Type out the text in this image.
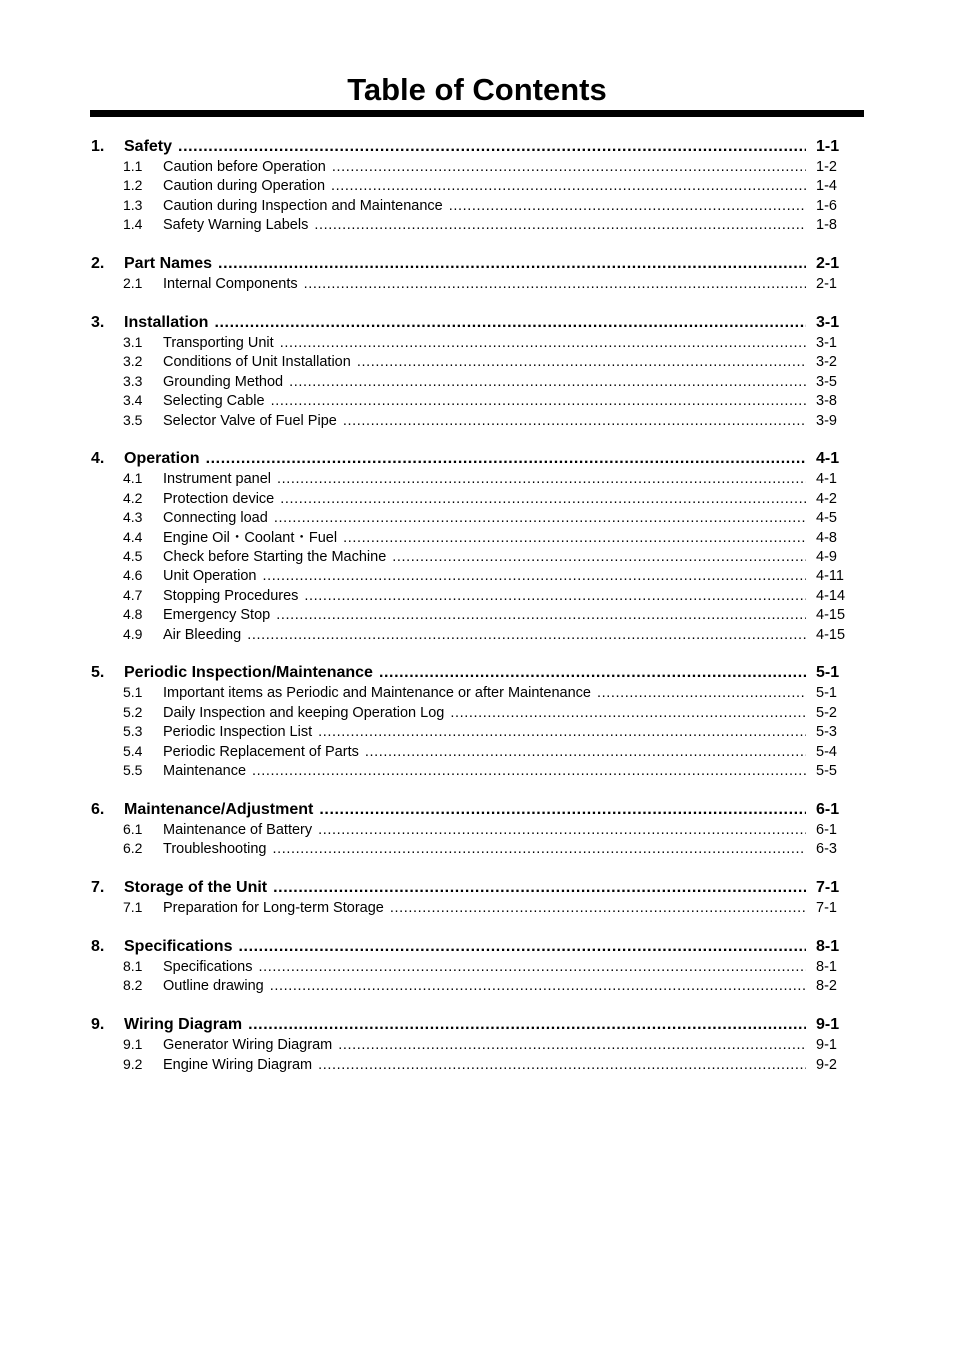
Table of Contents
1.	Safety .....	1-1
1.1	Caution before Operation .....	1-2
1.2	Caution during Operation .....	1-4
1.3	Caution during Inspection and Maintenance .....	1-6
1.4	Safety Warning Labels .....	1-8
2.	Part Names .....	2-1
2.1	Internal Components .....	2-1
3.	Installation .....	3-1
3.1	Transporting Unit .....	3-1
3.2	Conditions of Unit Installation .....	3-2
3.3	Grounding Method .....	3-5
3.4	Selecting Cable .....	3-8
3.5	Selector Valve of Fuel Pipe .....	3-9
4.	Operation .....	4-1
4.1	Instrument panel .....	4-1
4.2	Protection device .....	4-2
4.3	Connecting load .....	4-5
4.4	Engine Oil・Coolant・Fuel .....	4-8
4.5	Check before Starting the Machine .....	4-9
4.6	Unit Operation .....	4-11
4.7	Stopping Procedures .....	4-14
4.8	Emergency Stop .....	4-15
4.9	Air Bleeding .....	4-15
5.	Periodic Inspection/Maintenance .....	5-1
5.1	Important items as Periodic and Maintenance or after Maintenance .....	5-1
5.2	Daily Inspection and keeping Operation Log .....	5-2
5.3	Periodic Inspection List .....	5-3
5.4	Periodic Replacement of Parts .....	5-4
5.5	Maintenance .....	5-5
6.	Maintenance/Adjustment .....	6-1
6.1	Maintenance of Battery .....	6-1
6.2	Troubleshooting .....	6-3
7.	Storage of the Unit .....	7-1
7.1	Preparation for Long-term Storage .....	7-1
8.	Specifications .....	8-1
8.1	Specifications .....	8-1
8.2	Outline drawing .....	8-2
9.	Wiring Diagram .....	9-1
9.1	Generator Wiring Diagram .....	9-1
9.2	Engine Wiring Diagram .....	9-2
